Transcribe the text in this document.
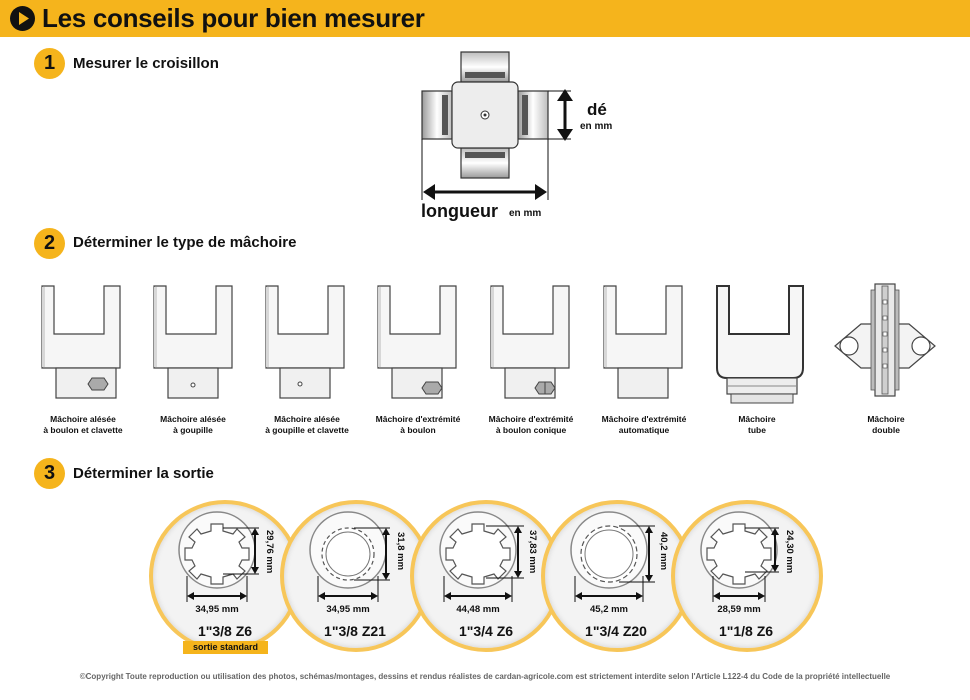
Les conseils pour bien mesurer
1	Mesurer le croisillon
dé
en mm
longueur en mm
2	Déterminer le type de mâchoire
Mâchoire alésée
à boulon et clavette
Mâchoire alésée
à goupille
Mâchoire alésée
à goupille et clavette
Mâchoire d'extrémité
à boulon
Mâchoire d'extrémité
à boulon conique
Mâchoire d'extrémité
automatique
Mâchoire
tube
Mâchoire
double
3	Déterminer la sortie
34,95 mm
29,76 mm
34,95 mm
31,8 mm
44,48 mm
37,83 mm
45,2 mm
40,2 mm
28,59 mm
24,30 mm
1"3/8 Z6	1"3/8 Z21	1"3/4 Z6	1"3/4 Z20	1"1/8 Z6
sortie standard
©Copyright Toute reproduction ou utilisation des photos, schémas/montages, dessins et rendus réalistes de cardan-agricole.com est strictement interdite selon l'Article L122-4 du Code de la propriété intellectuelle
